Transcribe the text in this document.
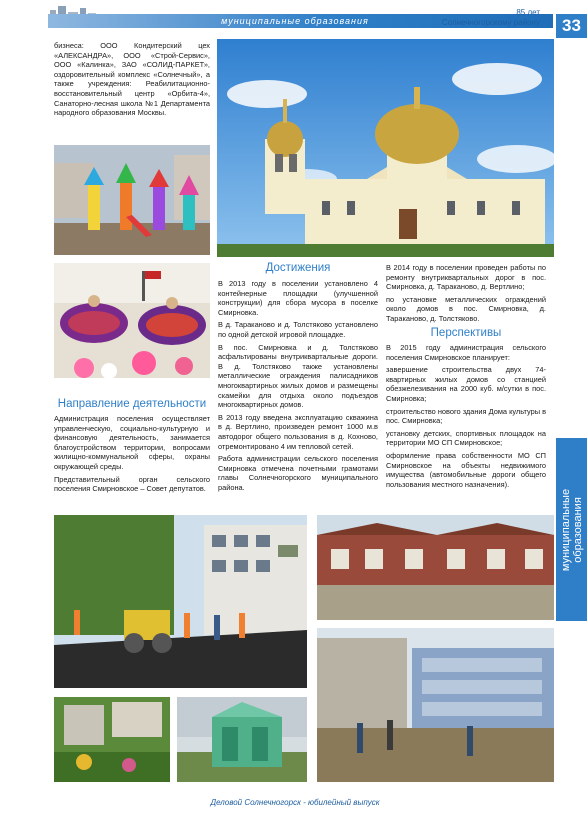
муниципальные образования
85 лет
Солнечногорскому району	33
муниципальные образования
бизнеса: ООО Кондитерский цех «АЛЕКСАНДРА», ООО «Строй-Сервис», ООО «Калинка», ЗАО «СОЛИД-ПАРКЕТ», оздоровительный комплекс «Солнечный», а также учреждения: Реабилитационно-восстановительный центр «Орбита-4», Санаторно-лесная школа №1 Департамента народного образования Москвы.
Направление деятельности

Администрация поселения осуществляет управленческую, социально-культурную и финансовую деятельность, занимается благоустройством территории, вопросами жилищно-коммунальной сферы, охраны окружающей среды.

Представительный орган сельского поселения Смирновское – Совет депутатов.

Достижения

В 2013 году в поселении установлено 4 контейнерные площадки (улучшенной конструкции) для сбора мусора в поселке Смирновка.

В д. Тараканово и д. Толстяково установлено по одной детской игровой площадке.

В пос. Смирновка и д. Толстяково асфальтированы внутриквартальные дороги. В д. Толстяково также установлены металлические ограждения палисадников многоквартирных жилых домов и размещены скамейки для отдыха около подъездов многоквартирных домов.

В 2013 году введена эксплуатацию скважина в д. Вертлино, произведен ремонт 1000 м.в автодорог общего пользования в д. Кохново, отремонтировано 4 им тепловой сетей.

Работа администрации сельского поселения Смирновка отмечена почетными грамотами главы Солнечногорского муниципального района.

В 2014 году в поселении проведен работы по ремонту внутриквартальных дорог в пос. Смирновка, д. Тараканово, д. Вертлино;

по установке металлических ограждений около домов в пос. Смирновка, д. Тараканово, д. Толстяково.

Перспективы

В 2015 году администрация сельского поселения Смирновское планирует:

завершение строительства двух 74-квартирных жилых домов со станцией обезжелезивания на 2000 куб. м/сутки в пос. Смирновка;

строительство нового здания Дома культуры в пос. Смирновка;

установку детских, спортивных площадок на территории МО СП Смирновское;

оформление права собственности МО СП Смирновское на объекты недвижимого имущества (автомобильные дороги общего пользования местного назначения).

Деловой Солнечногорск - юбилейный выпуск
